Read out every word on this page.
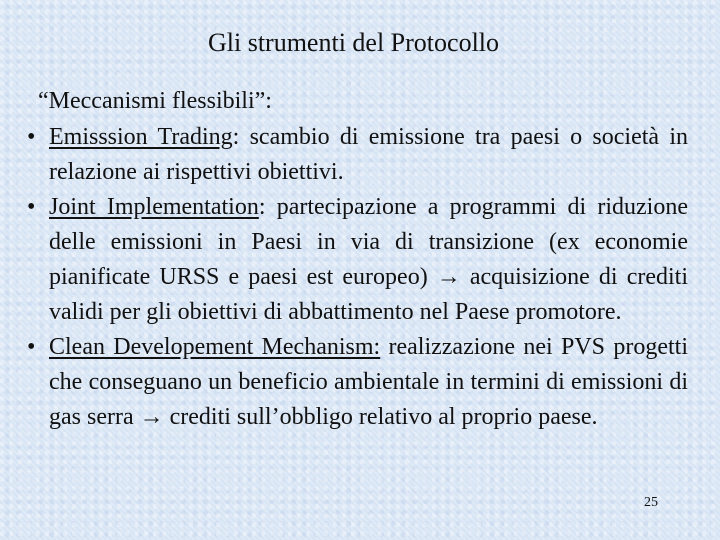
Gli strumenti del Protocollo
“Meccanismi flessibili”:
• Emisssion Trading: scambio di emissione tra paesi o società in relazione ai rispettivi obiettivi.
• Joint Implementation: partecipazione a programmi di riduzione delle emissioni in Paesi in via di transizione (ex economie pianificate URSS e paesi est europeo) → acquisizione di crediti validi per gli obiettivi di abbattimento nel Paese promotore.
• Clean Developement Mechanism: realizzazione nei PVS progetti che conseguano un beneficio ambientale in termini di emissioni di gas serra → crediti sull’obbligo relativo al proprio paese.
25
